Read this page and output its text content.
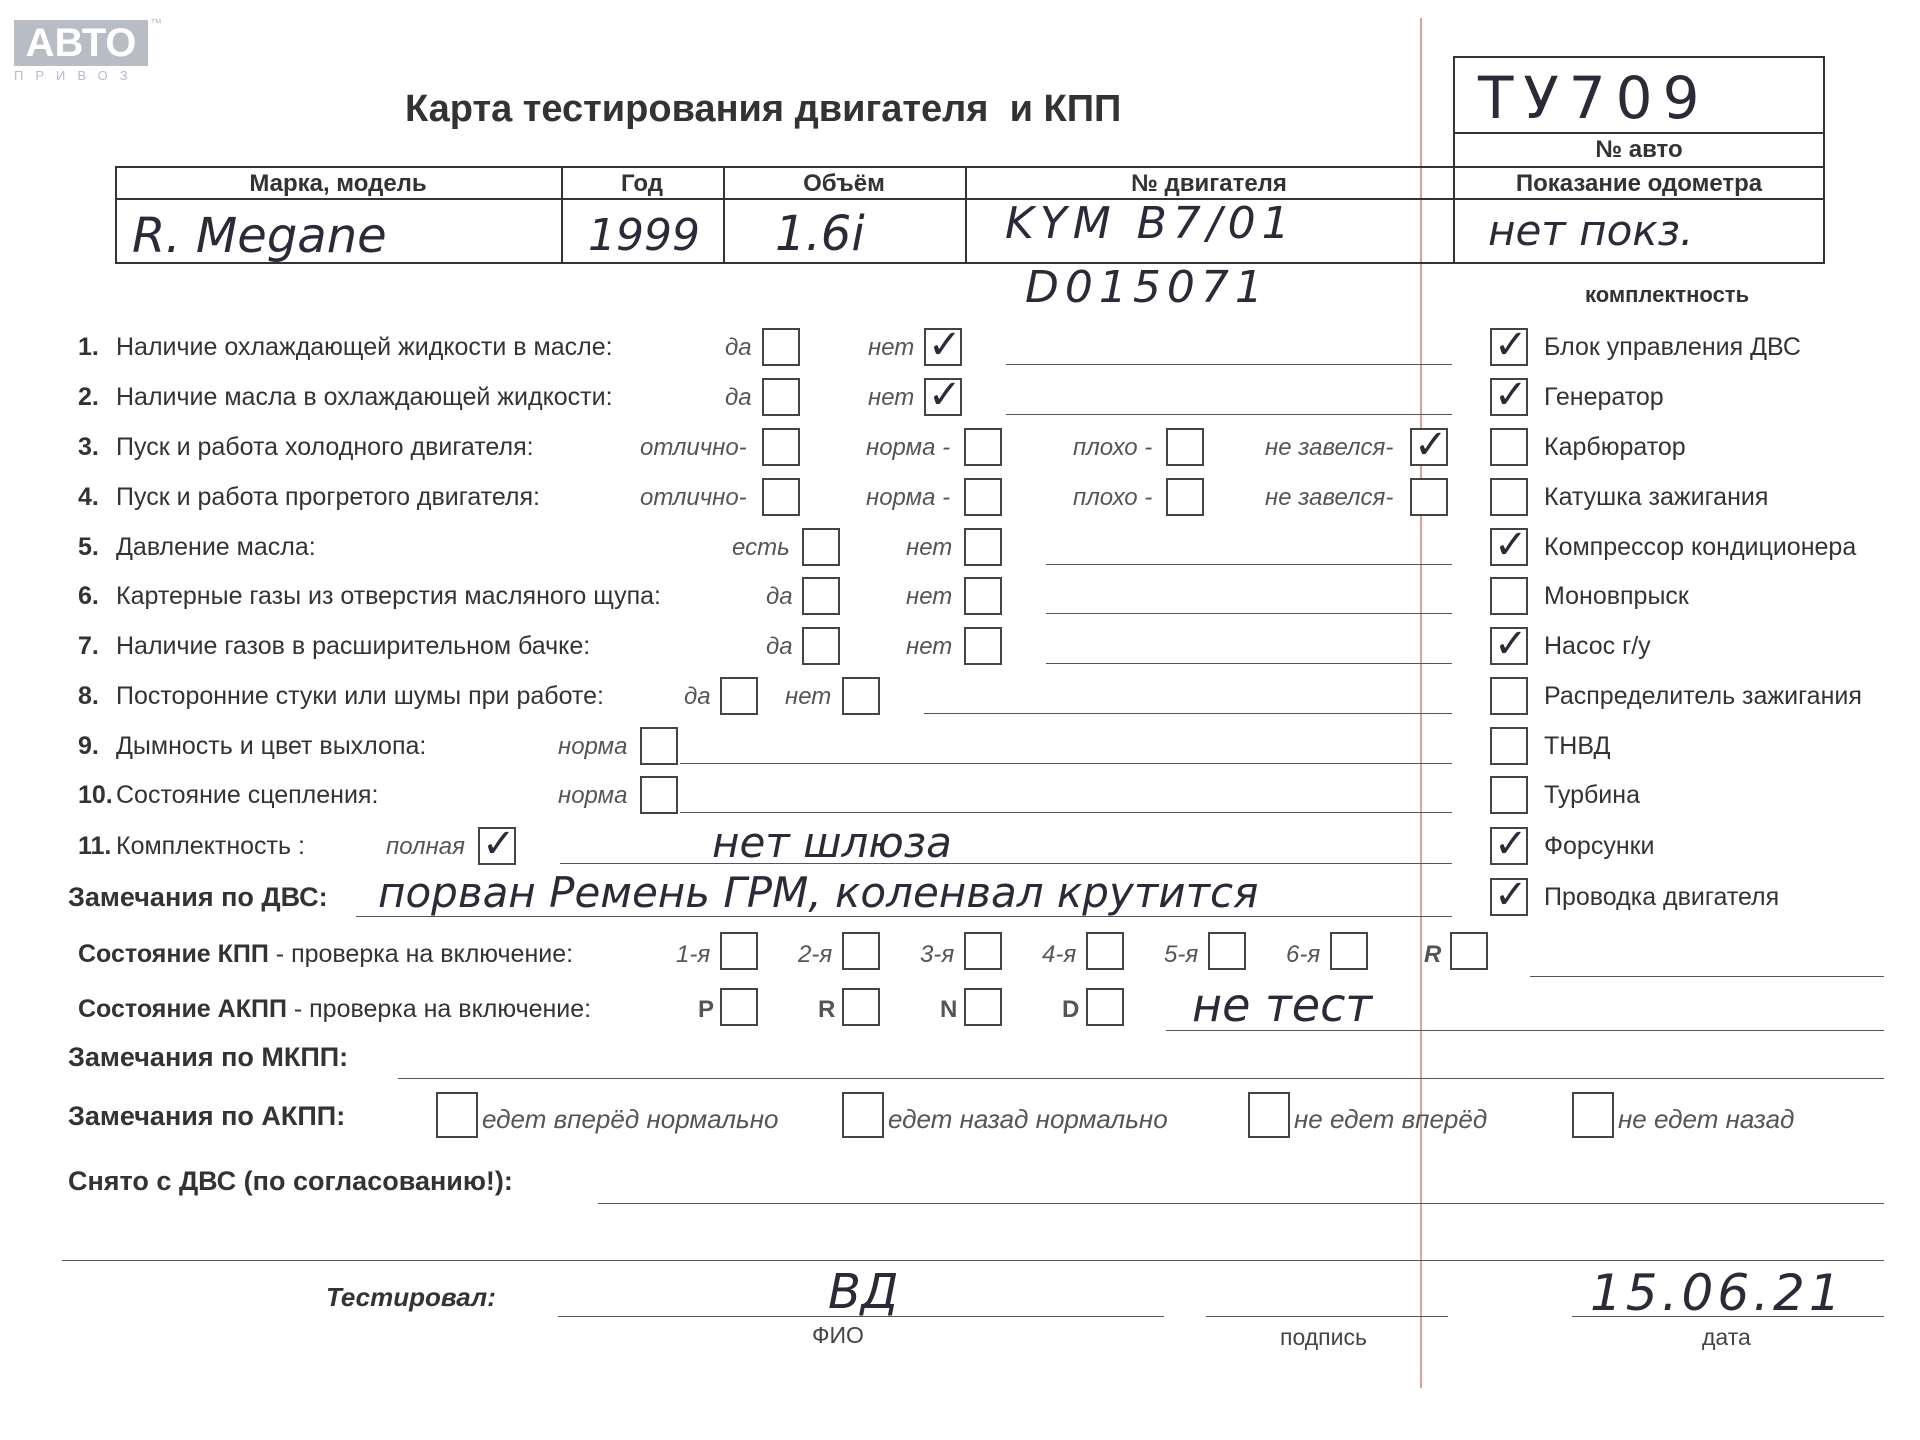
АВТО
ПРИВОЗ
™
Карта тестирования двигателя  и КПП	ТУ709
№ авто
Марка, модель	Год	Объём	№ двигателя	Показание одометра
R. Megane	1999 1.6i	KYM B7/01
D015071
нет покз.
комплектность
1. Наличие охлаждающей жидкости в масле:	да	нет
✓
2. Наличие масла в охлаждающей жидкости:	да	нет
✓
3. Пуск и работа холодного двигателя:	отлично-	норма -	плохо -	не завелся-
✓
4. Пуск и работа прогретого двигателя:	отлично-	норма -	плохо -	не завелся-
5. Давление масла:	есть	нет
6. Картерные газы из отверстия масляного щупа:	да	нет
7. Наличие газов в расширительном бачке:	да	нет
8. Посторонние стуки или шумы при работе:	да	нет
9. Дымность и цвет выхлопа:	норма
10. Состояние сцепления:	норма
11. Комплектность :	полная
✓	нет шлюза
✓
Блок управления ДВС
✓
Генератор
Карбюратор
Катушка зажигания
✓
Компрессор кондиционера
Моновпрыск
✓
Насос г/у
Распределитель зажигания
ТНВД
Турбина
✓
Форсунки
✓
Проводка двигателя
Замечания по ДВС: порван Ремень ГРМ, коленвал крутится
Состояние КПП - проверка на включение:	1-я	2-я	3-я	4-я	5-я	6-я	R
Состояние АКПП - проверка на включение:	P	R	N	D не тест
Замечания по МКПП:
Замечания по АКПП:	едет вперёд нормально	едет назад нормально	не едет вперёд	не едет назад
Снято с ДВС (по согласованию!):
Тестировал:	ВД
ФИО	подпись
15.06.21
дата
